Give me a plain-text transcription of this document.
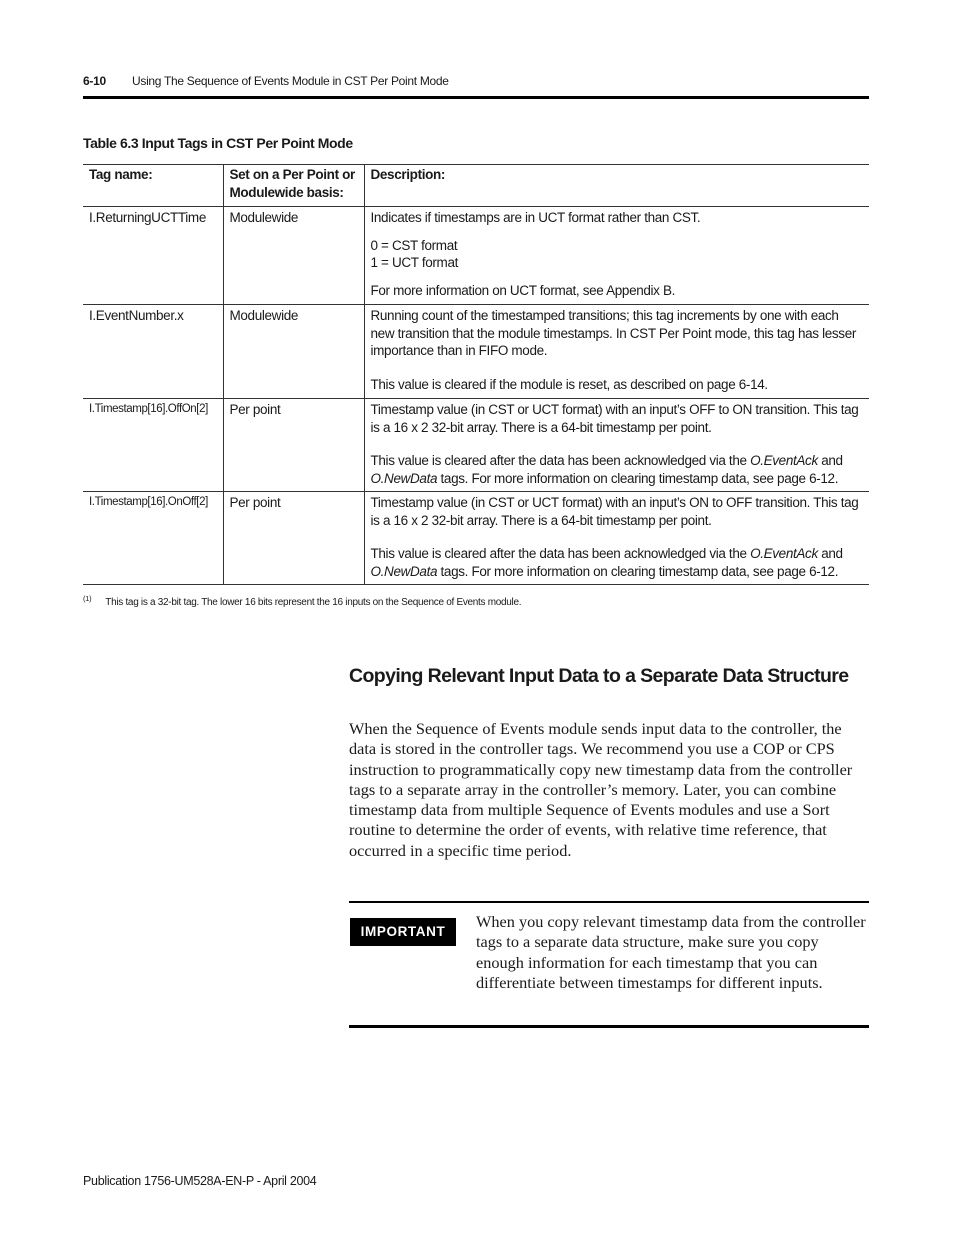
6-10 Using The Sequence of Events Module in CST Per Point Mode
Table 6.3 Input Tags in CST Per Point Mode
Tag name:	Set on a Per Point or Modulewide basis:	Description:
I.ReturningUCTTime	Modulewide	Indicates if timestamps are in UCT format rather than CST.
0 = CST format
1 = UCT format
For more information on UCT format, see Appendix B.

I.EventNumber.x	Modulewide	Running count of the timestamped transitions; this tag increments by one with each new transition that the module timestamps. In CST Per Point mode, this tag has lesser importance than in FIFO mode.
This value is cleared if the module is reset, as described on page 6-14.

I.Timestamp[16].OffOn[2]	Per point	Timestamp value (in CST or UCT format) with an input’s OFF to ON transition. This tag is a 16 x 2 32-bit array. There is a 64-bit timestamp per point.
This value is cleared after the data has been acknowledged via the O.EventAck and O.NewData tags. For more information on clearing timestamp data, see page 6-12.

I.Timestamp[16].OnOff[2]	Per point	Timestamp value (in CST or UCT format) with an input’s ON to OFF transition. This tag is a 16 x 2 32-bit array. There is a 64-bit timestamp per point.
This value is cleared after the data has been acknowledged via the O.EventAck and O.NewData tags. For more information on clearing timestamp data, see page 6-12.
$^{(1)}$ This tag is a 32-bit tag. The lower 16 bits represent the 16 inputs on the Sequence of Events module.
Copying Relevant Input Data to a Separate Data Structure
When the Sequence of Events module sends input data to the controller, the data is stored in the controller tags. We recommend you use a COP or CPS instruction to programmatically copy new timestamp data from the controller tags to a separate array in the controller’s memory. Later, you can combine timestamp data from multiple Sequence of Events modules and use a Sort routine to determine the order of events, with relative time reference, that occurred in a specific time period.
IMPORTANT
When you copy relevant timestamp data from the controller tags to a separate data structure, make sure you copy enough information for each timestamp that you can differentiate between timestamps for different inputs.
Publication 1756-UM528A-EN-P - April 2004
